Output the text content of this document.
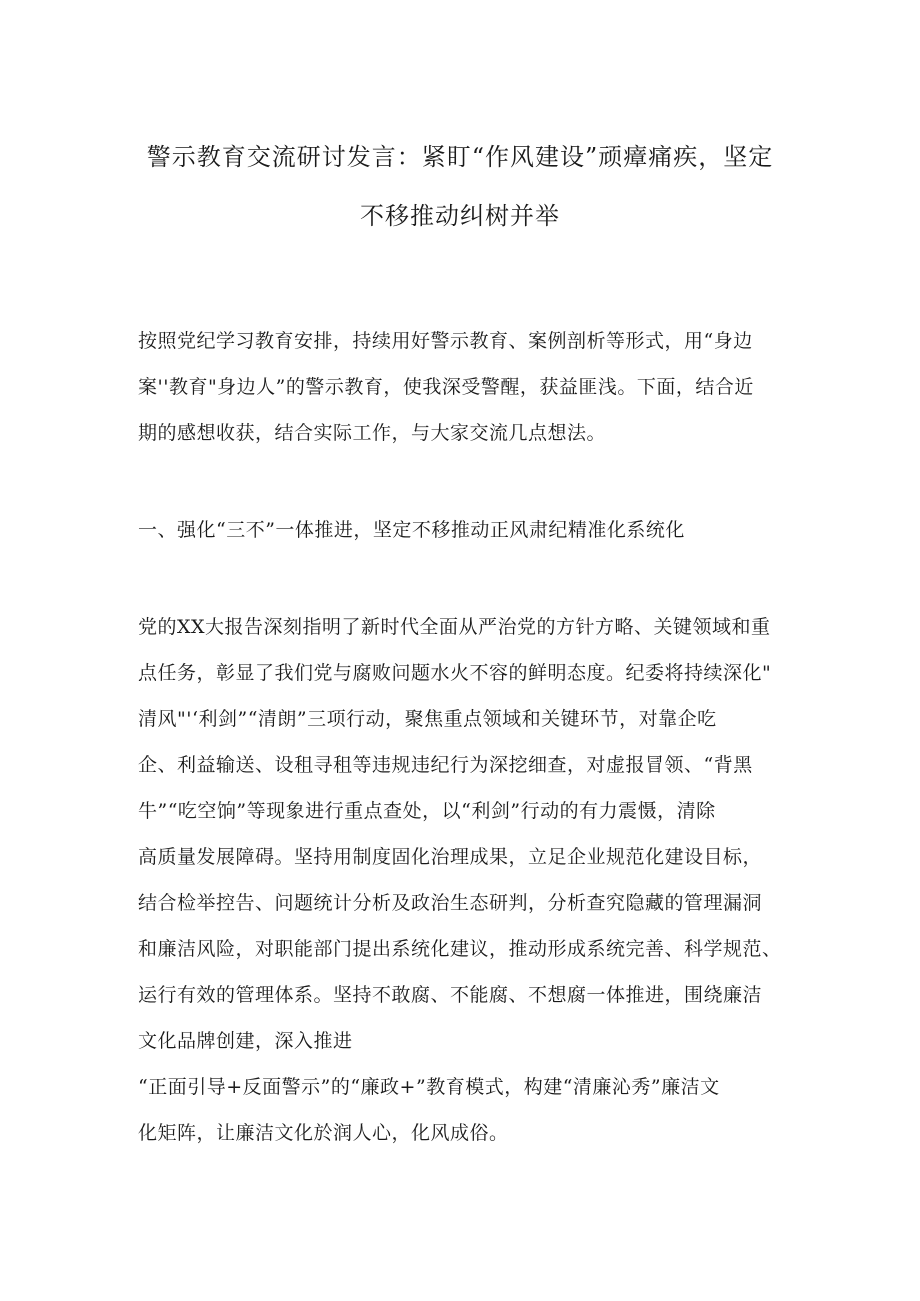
警示教育交流研讨发言：紧盯“作风建设”顽瘴痛疾，坚定
不移推动纠树并举

按照党纪学习教育安排，持续用好警示教育、案例剖析等形式，用“身边
案''教育"身边人”的警示教育，使我深受警醒，获益匪浅。下面，结合近
期的感想收获，结合实际工作，与大家交流几点想法。

一、强化“三不”一体推进，坚定不移推动正风肃纪精准化系统化

党的XX大报告深刻指明了新时代全面从严治党的方针方略、关键领域和重
点任务，彰显了我们党与腐败问题水火不容的鲜明态度。纪委将持续深化"
清风"'‘利剑”“清朗”三项行动，聚焦重点领域和关键环节，对靠企吃
企、利益输送、设租寻租等违规违纪行为深挖细查，对虚报冒领、“背黑
牛”“吃空饷”等现象进行重点查处，以“利剑”行动的有力震慑，清除
高质量发展障碍。坚持用制度固化治理成果，立足企业规范化建设目标，
结合检举控告、问题统计分析及政治生态研判，分析查究隐藏的管理漏洞
和廉洁风险，对职能部门提出系统化建议，推动形成系统完善、科学规范、
运行有效的管理体系。坚持不敢腐、不能腐、不想腐一体推进，围绕廉洁
文化品牌创建，深入推进
“正面引导+反面警示”的“廉政+”教育模式，构建“清廉沁秀”廉洁文
化矩阵，让廉洁文化於润人心，化风成俗。
